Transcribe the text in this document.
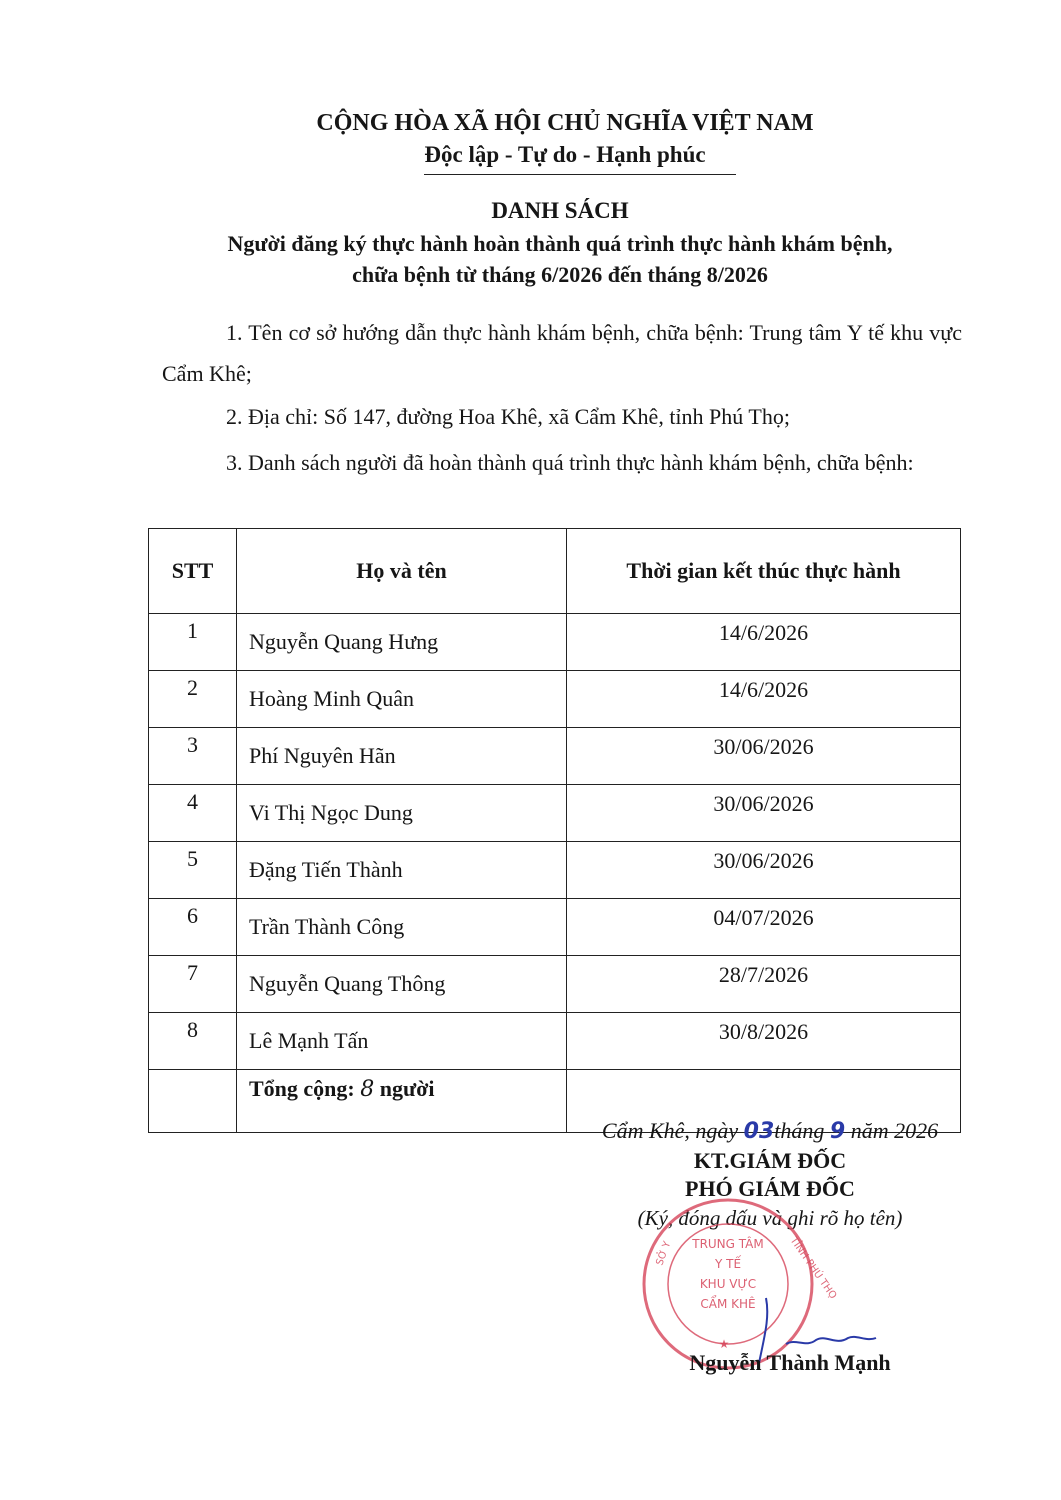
CỘNG HÒA XÃ HỘI CHỦ NGHĨA VIỆT NAM
Độc lập - Tự do - Hạnh phúc
DANH SÁCH
Người đăng ký thực hành hoàn thành quá trình thực hành khám bệnh,
chữa bệnh từ tháng 6/2026 đến tháng 8/2026
1. Tên cơ sở hướng dẫn thực hành khám bệnh, chữa bệnh: Trung tâm Y tế khu vực Cẩm Khê;
2. Địa chỉ: Số 147, đường Hoa Khê, xã Cẩm Khê, tỉnh Phú Thọ;
3. Danh sách người đã hoàn thành quá trình thực hành khám bệnh, chữa bệnh:
STT	Họ và tên	Thời gian kết thúc thực hành
1	Nguyễn Quang Hưng	14/6/2026
2	Hoàng Minh Quân	14/6/2026
3	Phí Nguyên Hãn	30/06/2026
4	Vi Thị Ngọc Dung	30/06/2026
5	Đặng Tiến Thành	30/06/2026
6	Trần Thành Công	04/07/2026
7	Nguyễn Quang Thông	28/7/2026
8	Lê Mạnh Tấn	30/8/2026
	Tổng cộng: 8 người	
Cẩm Khê, ngày 03tháng 9 năm 2026
KT.GIÁM ĐỐC
PHÓ GIÁM ĐỐC
(Ký, đóng dấu và ghi rõ họ tên)
SỞ Y	TỈNH PHÚ THỌ
TRUNG TÂM
Y TẾ
KHU VỰC
CẨM KHÊ
★
Nguyễn Thành Mạnh
